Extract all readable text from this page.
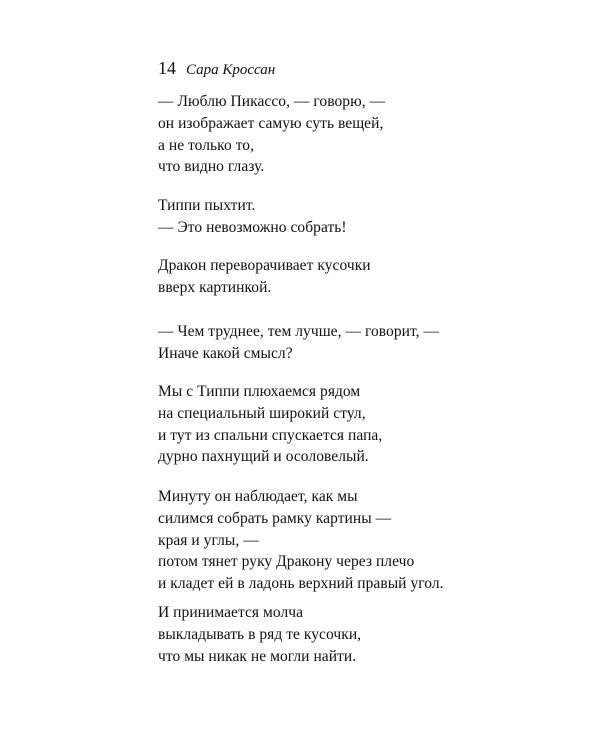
14 Сара Кроссан
— Люблю Пикассо, — говорю, —
он изображает самую суть вещей,
а не только то,
что видно глазу.
Типпи пыхтит.
— Это невозможно собрать!
Дракон переворачивает кусочки
вверх картинкой.
— Чем труднее, тем лучше, — говорит, —
Иначе какой смысл?
Мы с Типпи плюхаемся рядом
на специальный широкий стул,
и тут из спальни спускается папа,
дурно пахнущий и осоловелый.
Минуту он наблюдает, как мы
силимся собрать рамку картины —
края и углы, —
потом тянет руку Дракону через плечо
и кладет ей в ладонь верхний правый угол.
И принимается молча
выкладывать в ряд те кусочки,
что мы никак не могли найти.
